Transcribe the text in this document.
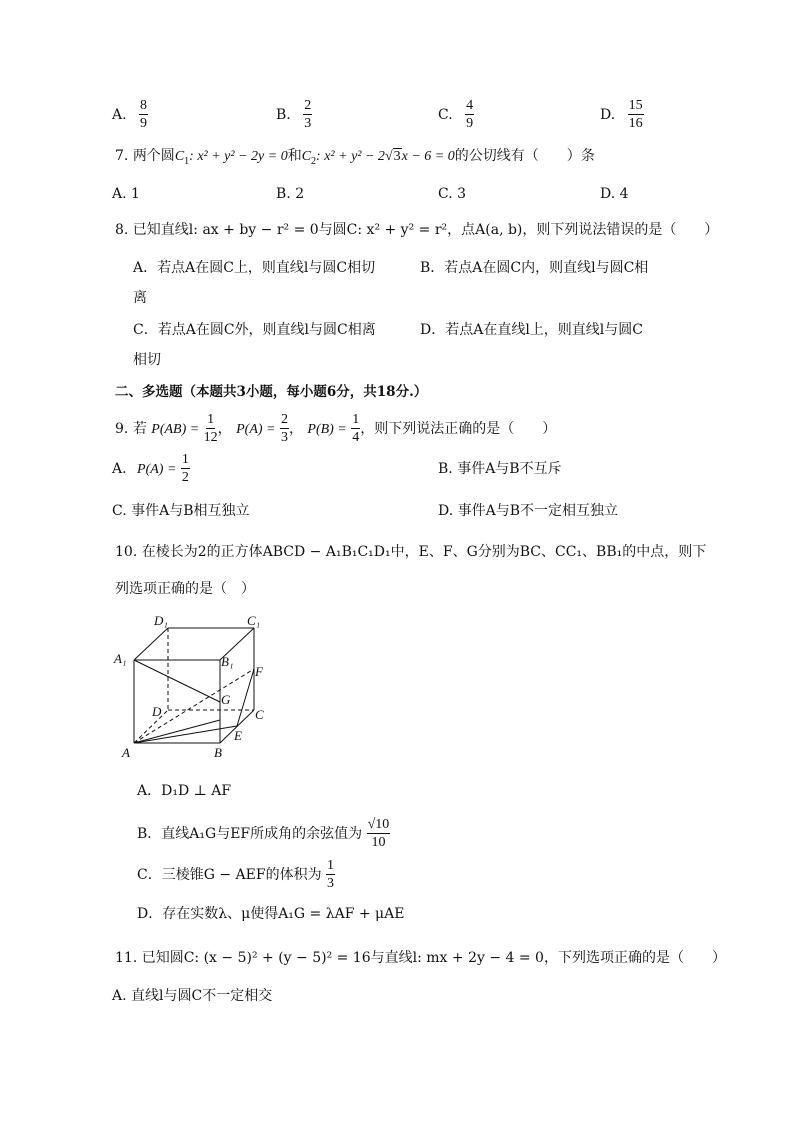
A. $\frac{8}{9}$	B. $\frac{2}{3}$	C. $\frac{4}{9}$	D. $\frac{15}{16}$
7. 两个圆$C_1$: x² + y² − 2y = 0和$C_2$: x² + y² − 2√3x − 6 = 0的公切线有（　　）条
A. 1	B. 2	C. 3	D. 4
8. 已知直线l: ax + by − r² = 0与圆C: x² + y² = r²，点A(a, b)，则下列说法错误的是（　　）
A．若点A在圆C上，则直线l与圆C相切	B．若点A在圆C内，则直线l与圆C相
离
C．若点A在圆C外，则直线l与圆C相离	D．若点A在直线l上，则直线l与圆C
相切
二、多选题（本题共3小题，每小题6分，共18分.）
9. 若 $P(AB) = \frac{1}{12}$ ， $P(A) = \frac{2}{3}$ ， $P(B) = \frac{1}{4}$ ，则下列说法正确的是（　　）
A. $P(A) = \frac{1}{2}$	B. 事件A与B不互斥
C. 事件A与B相互独立	D. 事件A与B不一定相互独立
10. 在棱长为2的正方体ABCD − A₁B₁C₁D₁中，E、F、G分别为BC、CC₁、BB₁的中点，则下
列选项正确的是（　）
D₁	C₁
A₁	B₁
F
G
D	C
E
A	B
A．D₁D ⊥ AF
B．直线A₁G与EF所成角的余弦值为 $\frac{√10}{10}$
C．三棱锥G − AEF的体积为 $\frac{1}{3}$
D．存在实数λ、μ使得A₁G = λAF + μAE
11. 已知圆C: (x − 5)² + (y − 5)² = 16与直线l: mx + 2y − 4 = 0，下列选项正确的是（　　）
A. 直线l与圆C不一定相交
